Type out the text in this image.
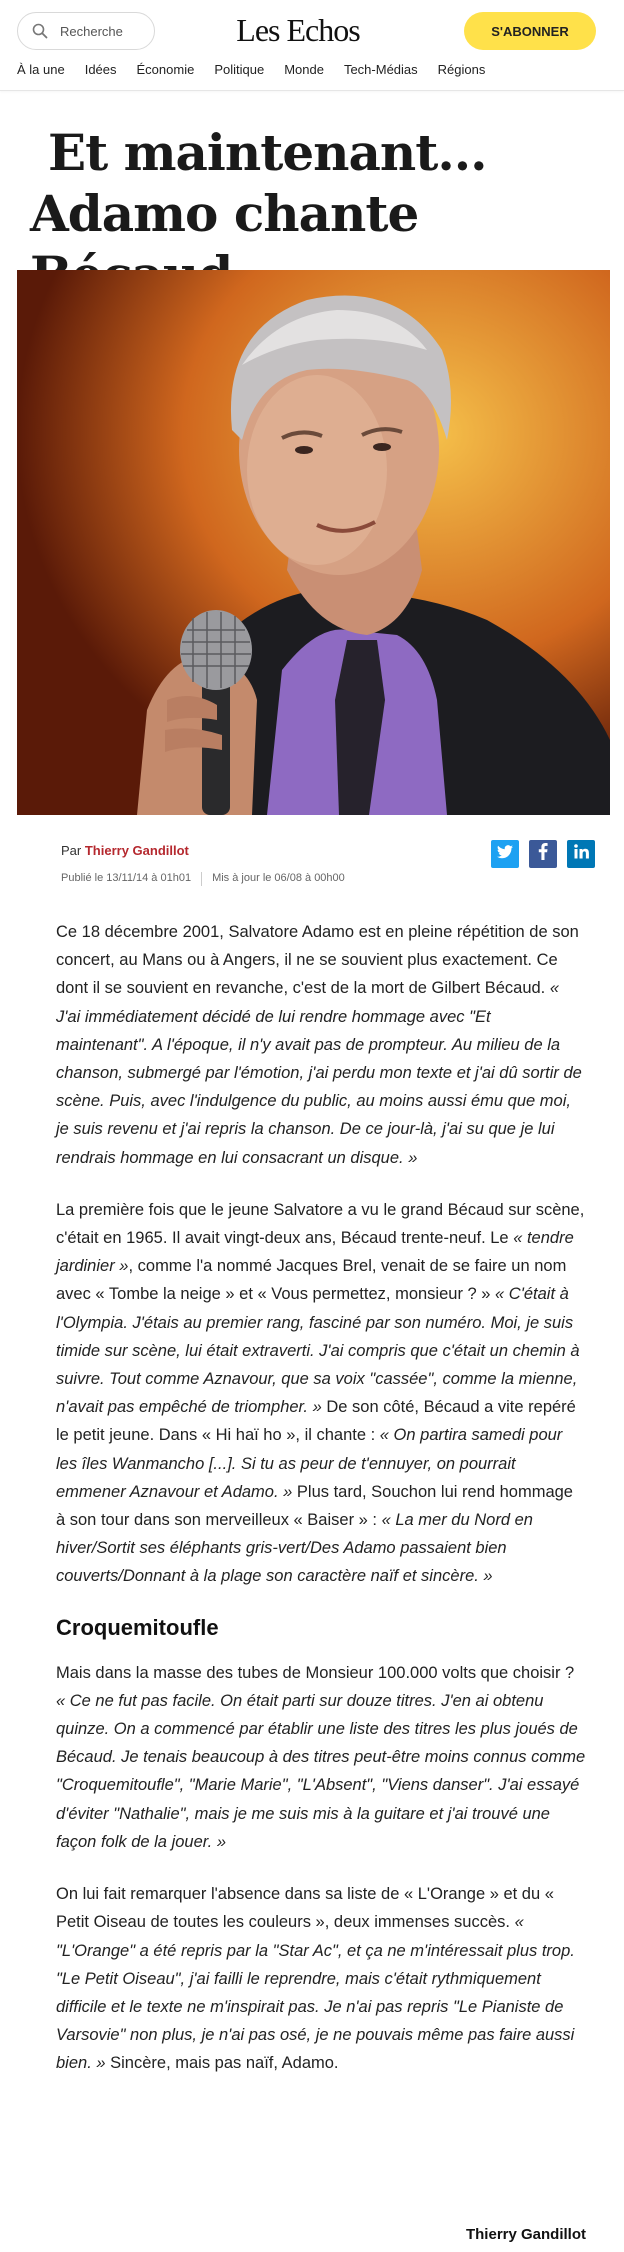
Recherche
Les Echos	S'ABONNER
À la une Idées Économie Politique Monde Tech-Médias Régions
Et maintenant...
Adamo chante
Par Thierry Gandillot
Publié le 13/11/14 à 01h01 Mis à jour le 06/08 à 00h00

Ce 18 décembre 2001, Salvatore Adamo est en pleine répétition de son concert, au Mans ou à Angers, il ne se souvient plus exactement. Ce dont il se souvient en revanche, c'est de la mort de Gilbert Bécaud. « J'ai immédiatement décidé de lui rendre hommage avec "Et maintenant". A l'époque, il n'y avait pas de prompteur. Au milieu de la chanson, submergé par l'émotion, j'ai perdu mon texte et j'ai dû sortir de scène. Puis, avec l'indulgence du public, au moins aussi ému que moi, je suis revenu et j'ai repris la chanson. De ce jour-là, j'ai su que je lui rendrais hommage en lui consacrant un disque. »

La première fois que le jeune Salvatore a vu le grand Bécaud sur scène, c'était en 1965. Il avait vingt-deux ans, Bécaud trente-neuf. Le « tendre jardinier », comme l'a nommé Jacques Brel, venait de se faire un nom avec « Tombe la neige » et « Vous permettez, monsieur ? » « C'était à l'Olympia. J'étais au premier rang, fasciné par son numéro. Moi, je suis timide sur scène, lui était extraverti. J'ai compris que c'était un chemin à suivre. Tout comme Aznavour, que sa voix "cassée", comme la mienne, n'avait pas empêché de triompher. » De son côté, Bécaud a vite repéré le petit jeune. Dans « Hi haï ho », il chante : « On partira samedi pour les îles Wanmancho [...]. Si tu as peur de t'ennuyer, on pourrait emmener Aznavour et Adamo. » Plus tard, Souchon lui rend hommage à son tour dans son merveilleux « Baiser » : « La mer du Nord en hiver/Sortit ses éléphants gris-vert/Des Adamo passaient bien couverts/Donnant à la plage son caractère naïf et sincère. »

Croquemitoufle

Mais dans la masse des tubes de Monsieur 100.000 volts que choisir ? « Ce ne fut pas facile. On était parti sur douze titres. J'en ai obtenu quinze. On a commencé par établir une liste des titres les plus joués de Bécaud. Je tenais beaucoup à des titres peut-être moins connus comme "Croquemitoufle", "Marie Marie", "L'Absent", "Viens danser". J'ai essayé d'éviter "Nathalie", mais je me suis mis à la guitare et j'ai trouvé une façon folk de la jouer. »

On lui fait remarquer l'absence dans sa liste de « L'Orange » et du « Petit Oiseau de toutes les couleurs », deux immenses succès. « "L'Orange" a été repris par la "Star Ac", et ça ne m'intéressait plus trop. "Le Petit Oiseau", j'ai failli le reprendre, mais c'était rythmiquement difficile et le texte ne m'inspirait pas. Je n'ai pas repris "Le Pianiste de Varsovie" non plus, je n'ai pas osé, je ne pouvais même pas faire aussi bien. » Sincère, mais pas naïf, Adamo.

Thierry Gandillot
